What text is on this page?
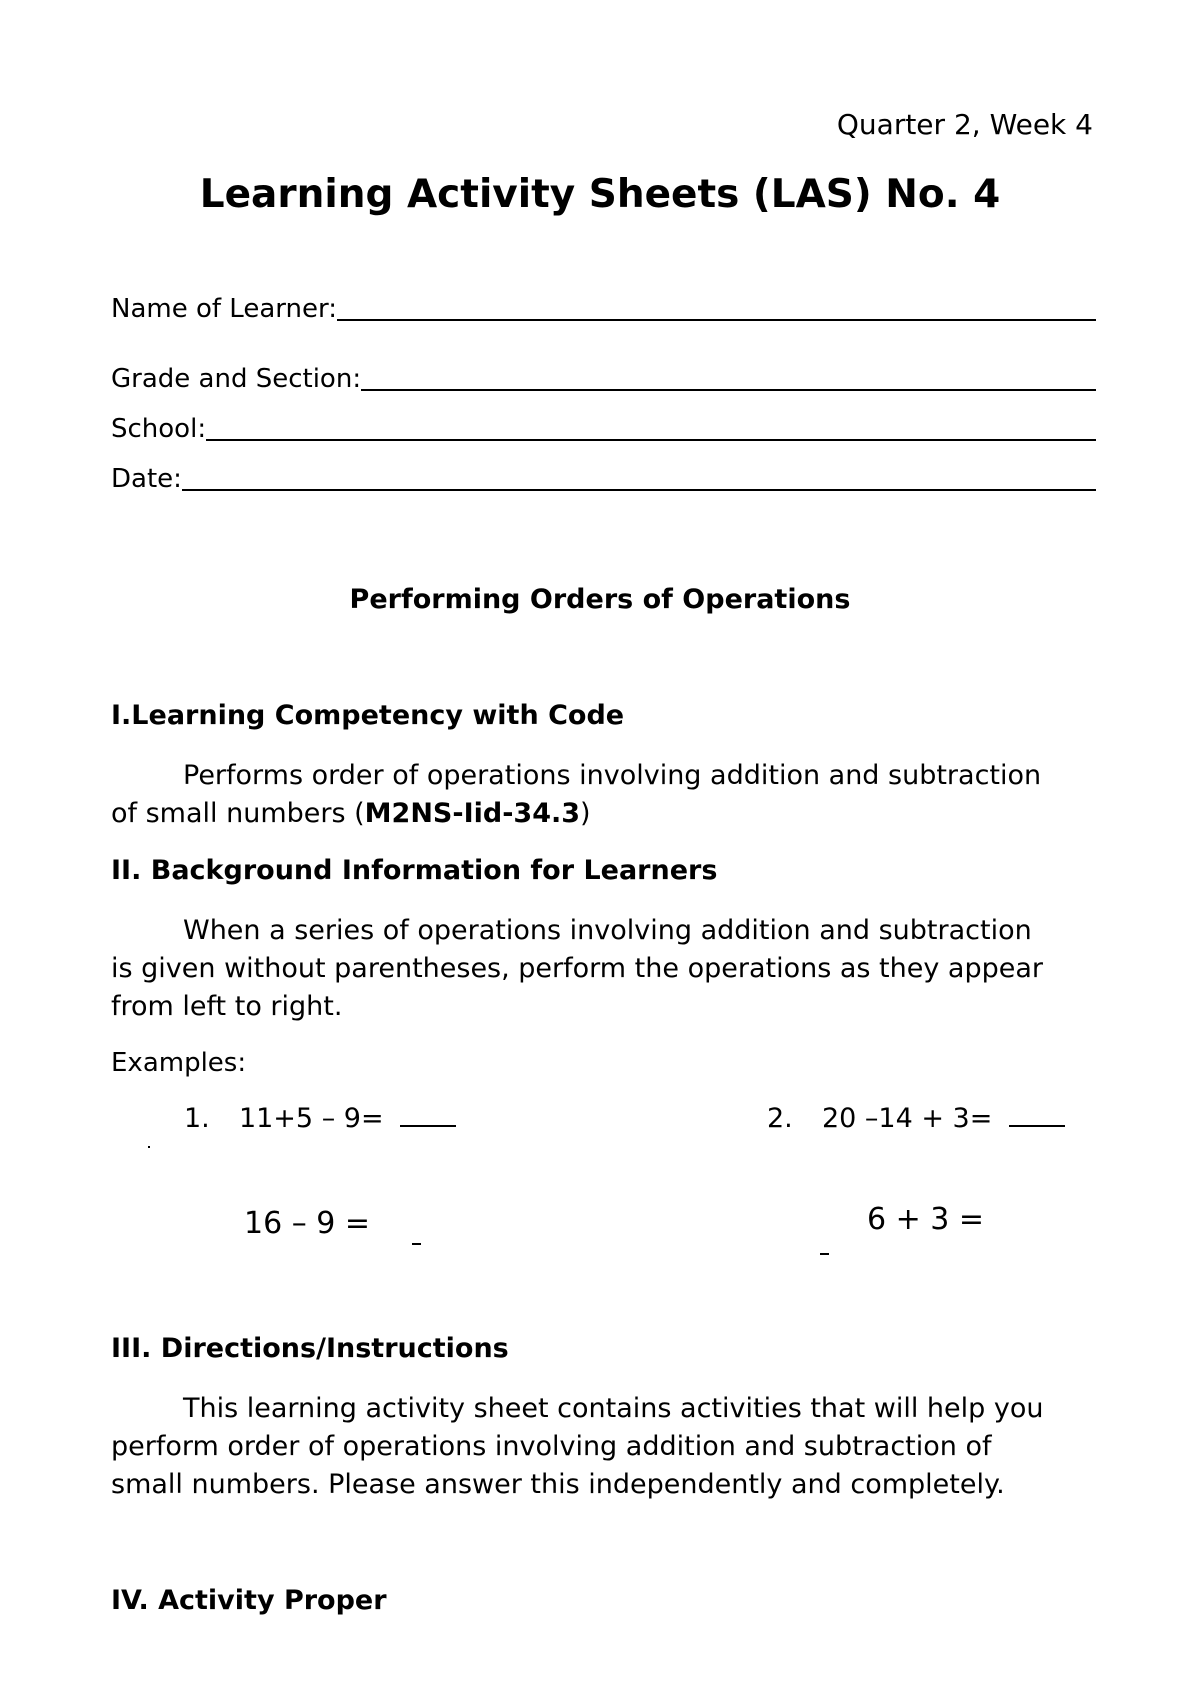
Quarter 2, Week 4
Learning Activity Sheets (LAS) No. 4
Name of Learner:
Grade and Section:
School:
Date:
Performing Orders of Operations
I.Learning Competency with Code
Performs order of operations involving addition and subtraction
of small numbers (M2NS-Iid-34.3)
II. Background Information for Learners
When a series of operations involving addition and subtraction
is given without parentheses, perform the operations as they appear
from left to right.
Examples:
1. 11+5 – 9=	2. 20 –14 + 3=
16 – 9 =	6 + 3 =
III. Directions/Instructions
This learning activity sheet contains activities that will help you
perform order of operations involving addition and subtraction of
small numbers. Please answer this independently and completely.
IV. Activity Proper
